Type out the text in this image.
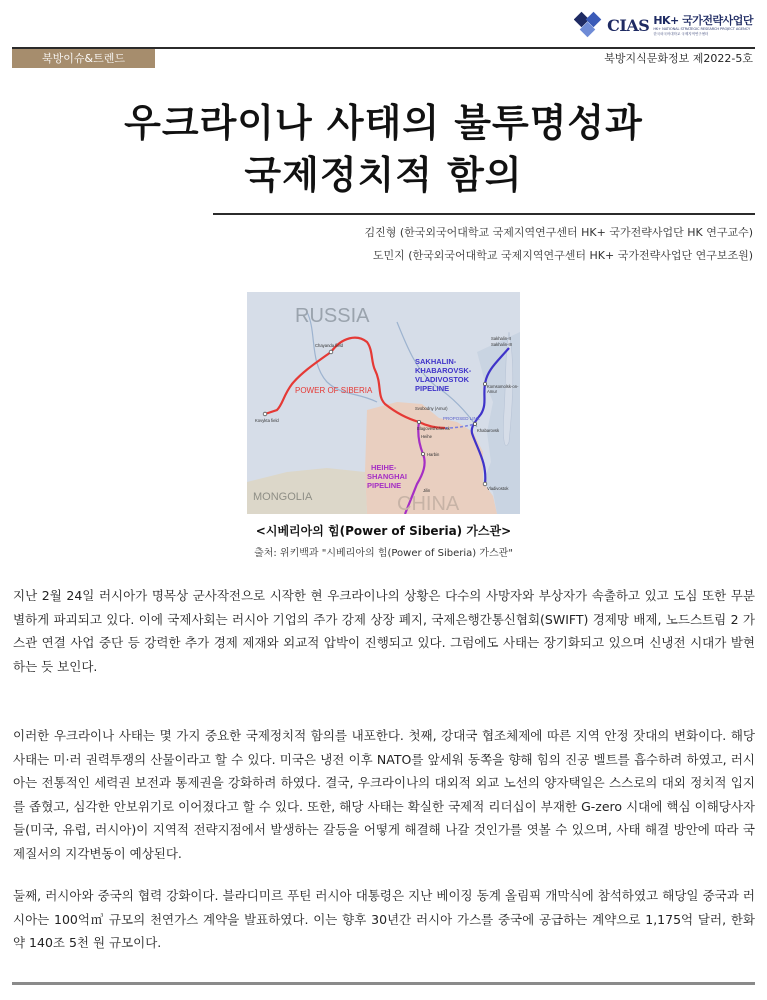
CIAS HK+ 국가전략사업단
HK+ NATIONAL STRATEGIC RESEARCH PROJECT AGENCY
한국외국어대학교 국제지역연구센터
북방이슈&트렌드	북방지식문화정보 제2022-5호
우크라이나 사태의 불투명성과
국제정치적 함의
김진형 (한국외국어대학교 국제지역연구센터 HK+ 국가전략사업단 HK 연구교수)
도민지 (한국외국어대학교 국제지역연구센터 HK+ 국가전략사업단 연구보조원)
RUSSIA
MONGOLIA	CHINA
POWER OF SIBERIA
SAKHALIN-
KHABAROVSK-
VLADIVOSTOK
PIPELINE
HEIHE-
SHANGHAI
PIPELINE
PROPOSED LINK
Chayanda field
Kovykta field
Svobodny (Amur)
Blagoveshchensk
Heihe
Khabarovsk
Komsomolsk-on-
Amur
Sakhalin-II
Sakhalin-III
Harbin
Jilin	Vladivostok
<시베리아의 힘(Power of Siberia) 가스관>
출처: 위키백과 "시베리아의 힘(Power of Siberia) 가스관"

지난 2월 24일 러시아가 명목상 군사작전으로 시작한 현 우크라이나의 상황은 다수의 사망자와 부상자가 속출하고 있고 도심 또한 무분별하게 파괴되고 있다. 이에 국제사회는 러시아 기업의 주가 강제 상장 폐지, 국제은행간통신협회(SWIFT) 경제망 배제, 노드스트림 2 가스관 연결 사업 중단 등 강력한 추가 경제 제재와 외교적 압박이 진행되고 있다. 그럼에도 사태는 장기화되고 있으며 신냉전 시대가 발현하는 듯 보인다.

이러한 우크라이나 사태는 몇 가지 중요한 국제정치적 함의를 내포한다. 첫째, 강대국 협조체제에 따른 지역 안정 잣대의 변화이다. 해당 사태는 미·러 권력투쟁의 산물이라고 할 수 있다. 미국은 냉전 이후 NATO를 앞세워 동쪽을 향해 힘의 진공 벨트를 흡수하려 하였고, 러시아는 전통적인 세력권 보전과 통제권을 강화하려 하였다. 결국, 우크라이나의 대외적 외교 노선의 양자택일은 스스로의 대외 정치적 입지를 좁혔고, 심각한 안보위기로 이어졌다고 할 수 있다. 또한, 해당 사태는 확실한 국제적 리더십이 부재한 G-zero 시대에 핵심 이해당사자들(미국, 유럽, 러시아)이 지역적 전략지점에서 발생하는 갈등을 어떻게 해결해 나갈 것인가를 엿볼 수 있으며, 사태 해결 방안에 따라 국제질서의 지각변동이 예상된다.

둘째, 러시아와 중국의 협력 강화이다. 블라디미르 푸틴 러시아 대통령은 지난 베이징 동계 올림픽 개막식에 참석하였고 해당일 중국과 러시아는 100억㎥ 규모의 천연가스 계약을 발표하였다. 이는 향후 30년간 러시아 가스를 중국에 공급하는 계약으로 1,175억 달러, 한화 약 140조 5천 원 규모이다.
